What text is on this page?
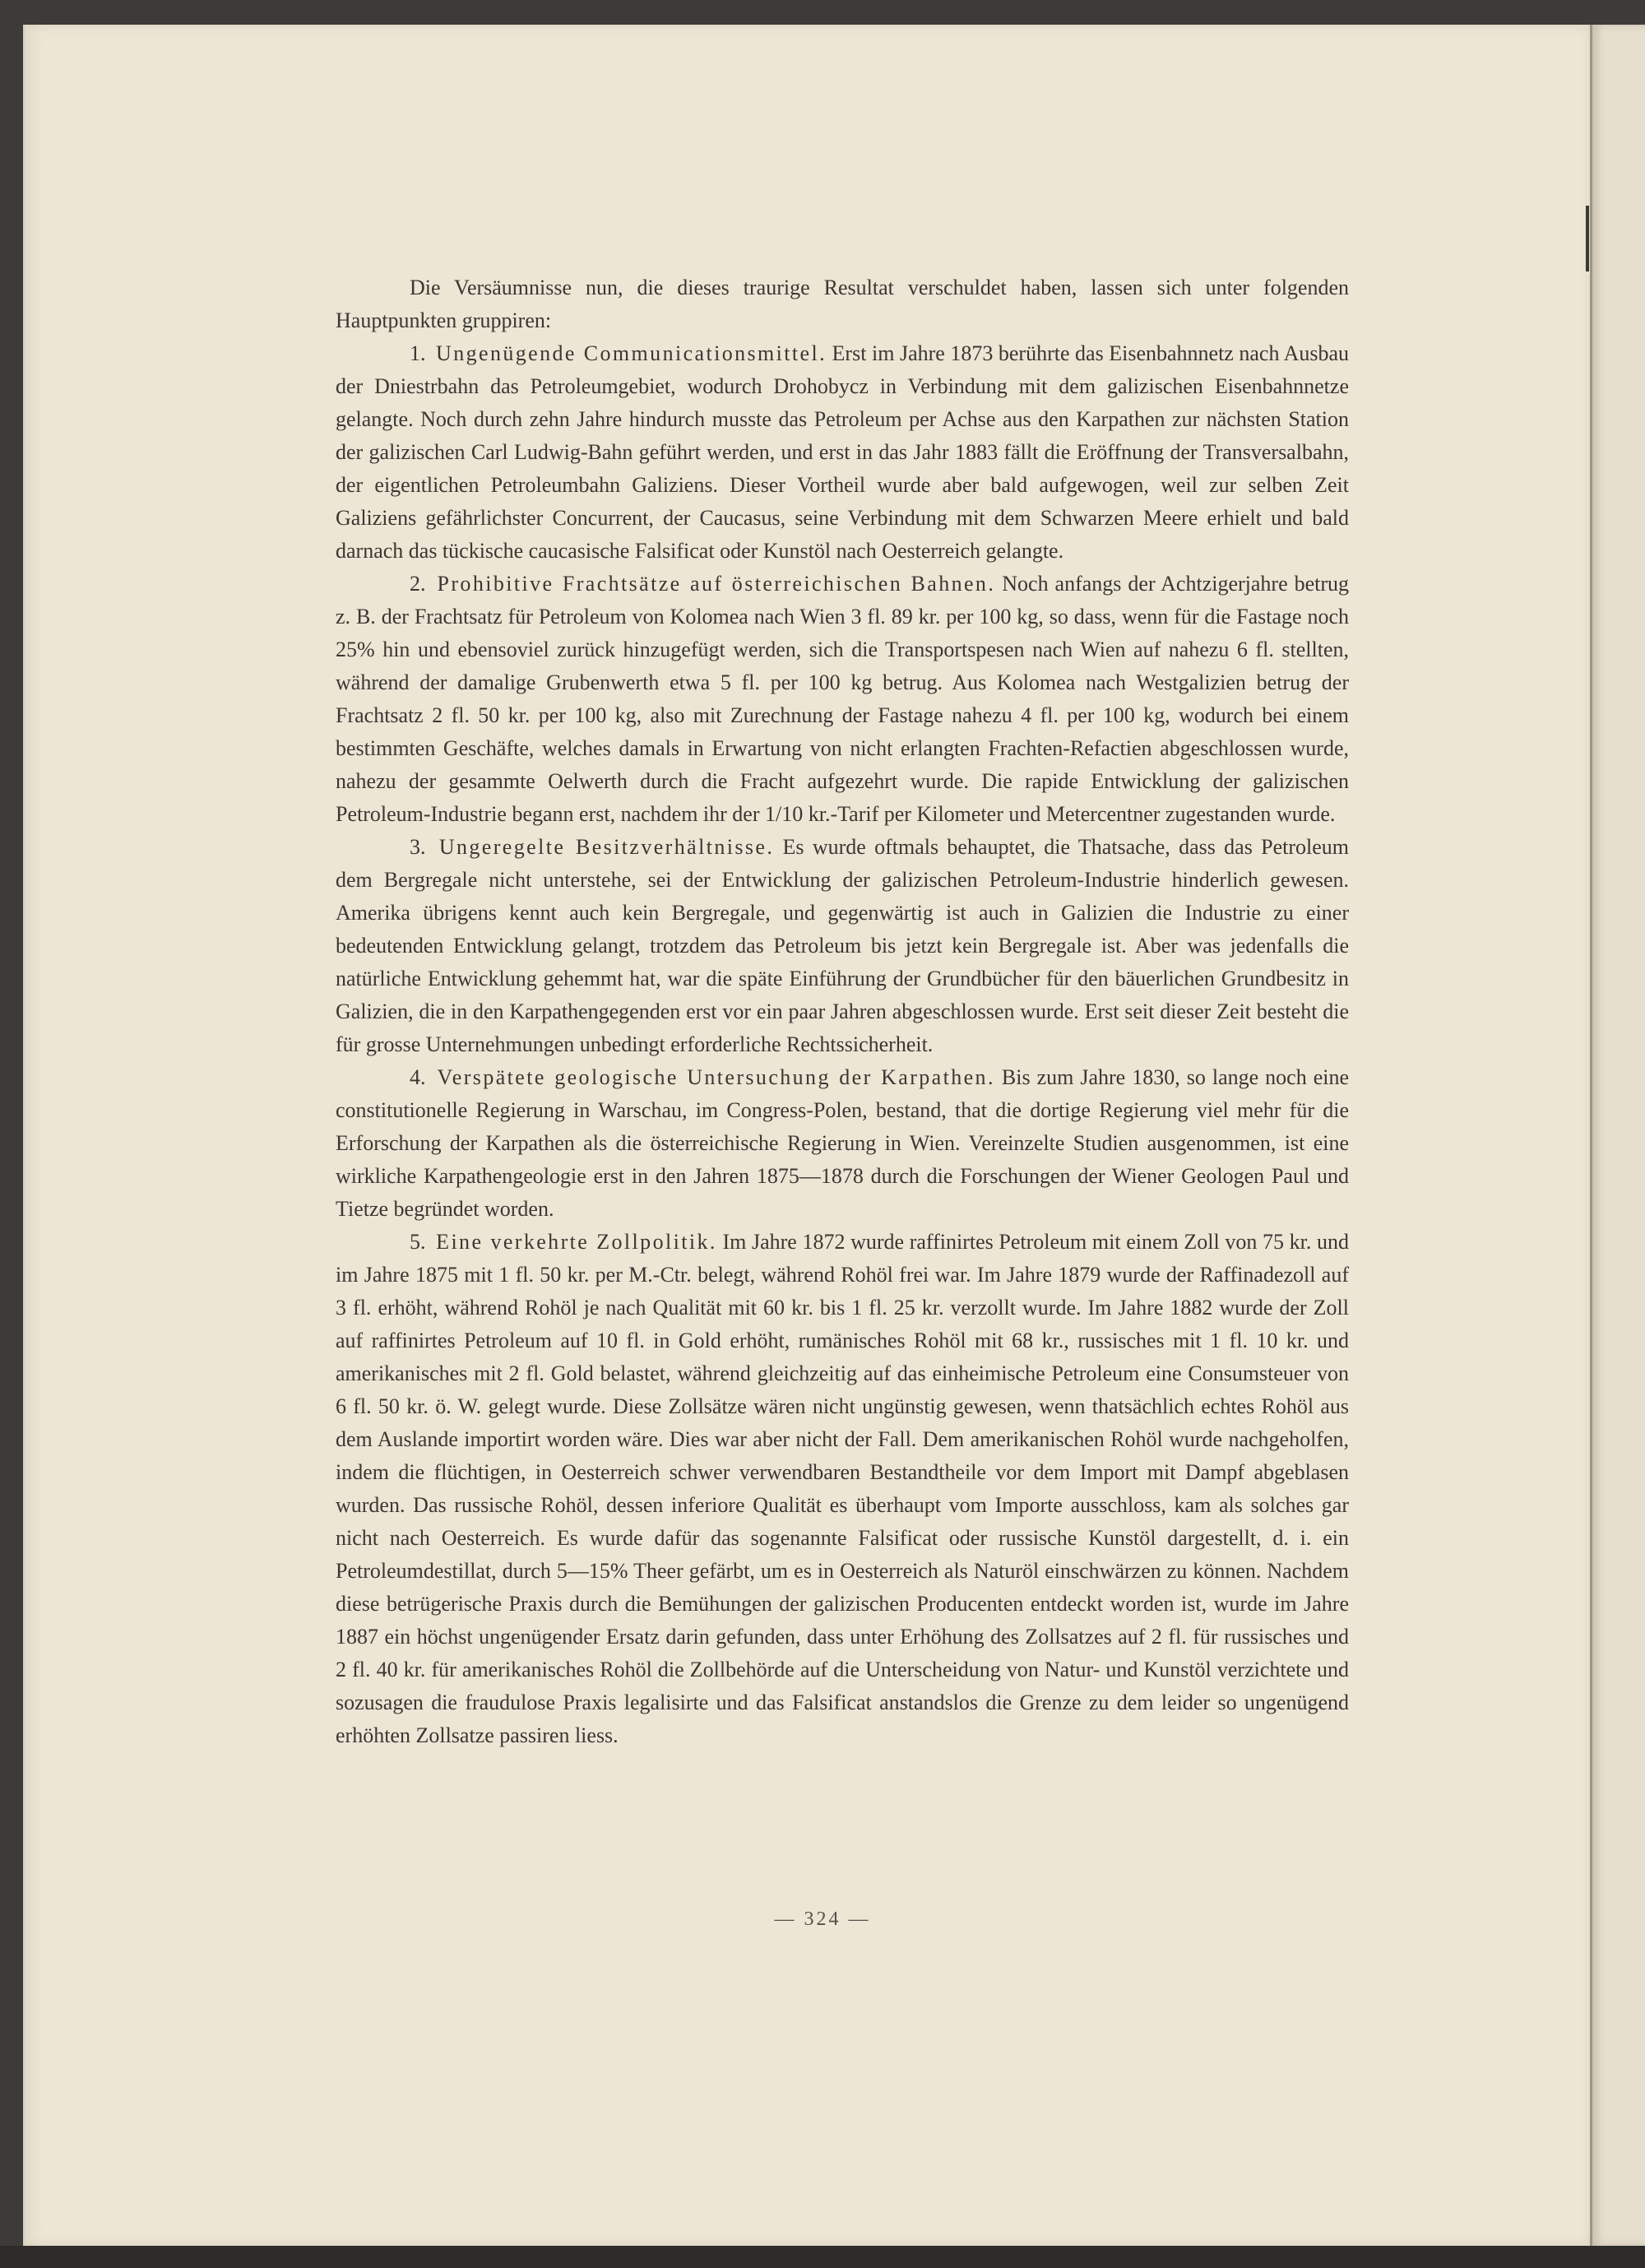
Die Versäumnisse nun, die dieses traurige Resultat verschuldet haben, lassen sich unter folgenden Hauptpunkten gruppiren:

1. Ungenügende Communicationsmittel. Erst im Jahre 1873 berührte das Eisenbahnnetz nach Ausbau der Dniestrbahn das Petroleumgebiet, wodurch Drohobycz in Verbindung mit dem galizischen Eisenbahnnetze gelangte. Noch durch zehn Jahre hindurch musste das Petroleum per Achse aus den Karpathen zur nächsten Station der galizischen Carl Ludwig-Bahn geführt werden, und erst in das Jahr 1883 fällt die Eröffnung der Transversalbahn, der eigentlichen Petroleumbahn Galiziens. Dieser Vortheil wurde aber bald aufgewogen, weil zur selben Zeit Galiziens gefährlichster Concurrent, der Caucasus, seine Verbindung mit dem Schwarzen Meere erhielt und bald darnach das tückische caucasische Falsificat oder Kunstöl nach Oesterreich gelangte.

2. Prohibitive Frachtsätze auf österreichischen Bahnen. Noch anfangs der Achtzigerjahre betrug z. B. der Frachtsatz für Petroleum von Kolomea nach Wien 3 fl. 89 kr. per 100 kg, so dass, wenn für die Fastage noch 25% hin und ebensoviel zurück hinzugefügt werden, sich die Transportspesen nach Wien auf nahezu 6 fl. stellten, während der damalige Grubenwerth etwa 5 fl. per 100 kg betrug. Aus Kolomea nach Westgalizien betrug der Frachtsatz 2 fl. 50 kr. per 100 kg, also mit Zurechnung der Fastage nahezu 4 fl. per 100 kg, wodurch bei einem bestimmten Geschäfte, welches damals in Erwartung von nicht erlangten Frachten-Refactien abgeschlossen wurde, nahezu der gesammte Oelwerth durch die Fracht aufgezehrt wurde. Die rapide Entwicklung der galizischen Petroleum-Industrie begann erst, nachdem ihr der 1/10 kr.-Tarif per Kilometer und Metercentner zugestanden wurde.

3. Ungeregelte Besitzverhältnisse. Es wurde oftmals behauptet, die Thatsache, dass das Petroleum dem Bergregale nicht unterstehe, sei der Entwicklung der galizischen Petroleum-Industrie hinderlich gewesen. Amerika übrigens kennt auch kein Bergregale, und gegenwärtig ist auch in Galizien die Industrie zu einer bedeutenden Entwicklung gelangt, trotzdem das Petroleum bis jetzt kein Bergregale ist. Aber was jedenfalls die natürliche Entwicklung gehemmt hat, war die späte Einführung der Grundbücher für den bäuerlichen Grundbesitz in Galizien, die in den Karpathengegenden erst vor ein paar Jahren abgeschlossen wurde. Erst seit dieser Zeit besteht die für grosse Unternehmungen unbedingt erforderliche Rechtssicherheit.

4. Verspätete geologische Untersuchung der Karpathen. Bis zum Jahre 1830, so lange noch eine constitutionelle Regierung in Warschau, im Congress-Polen, bestand, that die dortige Regierung viel mehr für die Erforschung der Karpathen als die österreichische Regierung in Wien. Vereinzelte Studien ausgenommen, ist eine wirkliche Karpathengeologie erst in den Jahren 1875—1878 durch die Forschungen der Wiener Geologen Paul und Tietze begründet worden.

5. Eine verkehrte Zollpolitik. Im Jahre 1872 wurde raffinirtes Petroleum mit einem Zoll von 75 kr. und im Jahre 1875 mit 1 fl. 50 kr. per M.-Ctr. belegt, während Rohöl frei war. Im Jahre 1879 wurde der Raffinadezoll auf 3 fl. erhöht, während Rohöl je nach Qualität mit 60 kr. bis 1 fl. 25 kr. verzollt wurde. Im Jahre 1882 wurde der Zoll auf raffinirtes Petroleum auf 10 fl. in Gold erhöht, rumänisches Rohöl mit 68 kr., russisches mit 1 fl. 10 kr. und amerikanisches mit 2 fl. Gold belastet, während gleichzeitig auf das einheimische Petroleum eine Consumsteuer von 6 fl. 50 kr. ö. W. gelegt wurde. Diese Zollsätze wären nicht ungünstig gewesen, wenn thatsächlich echtes Rohöl aus dem Auslande importirt worden wäre. Dies war aber nicht der Fall. Dem amerikanischen Rohöl wurde nachgeholfen, indem die flüchtigen, in Oesterreich schwer verwendbaren Bestandtheile vor dem Import mit Dampf abgeblasen wurden. Das russische Rohöl, dessen inferiore Qualität es überhaupt vom Importe ausschloss, kam als solches gar nicht nach Oesterreich. Es wurde dafür das sogenannte Falsificat oder russische Kunstöl dargestellt, d. i. ein Petroleumdestillat, durch 5—15% Theer gefärbt, um es in Oesterreich als Naturöl einschwärzen zu können. Nachdem diese betrügerische Praxis durch die Bemühungen der galizischen Producenten entdeckt worden ist, wurde im Jahre 1887 ein höchst ungenügender Ersatz darin gefunden, dass unter Erhöhung des Zollsatzes auf 2 fl. für russisches und 2 fl. 40 kr. für amerikanisches Rohöl die Zollbehörde auf die Unterscheidung von Natur- und Kunstöl verzichtete und sozusagen die fraudulose Praxis legalisirte und das Falsificat anstandslos die Grenze zu dem leider so ungenügend erhöhten Zollsatze passiren liess.

— 324 —
